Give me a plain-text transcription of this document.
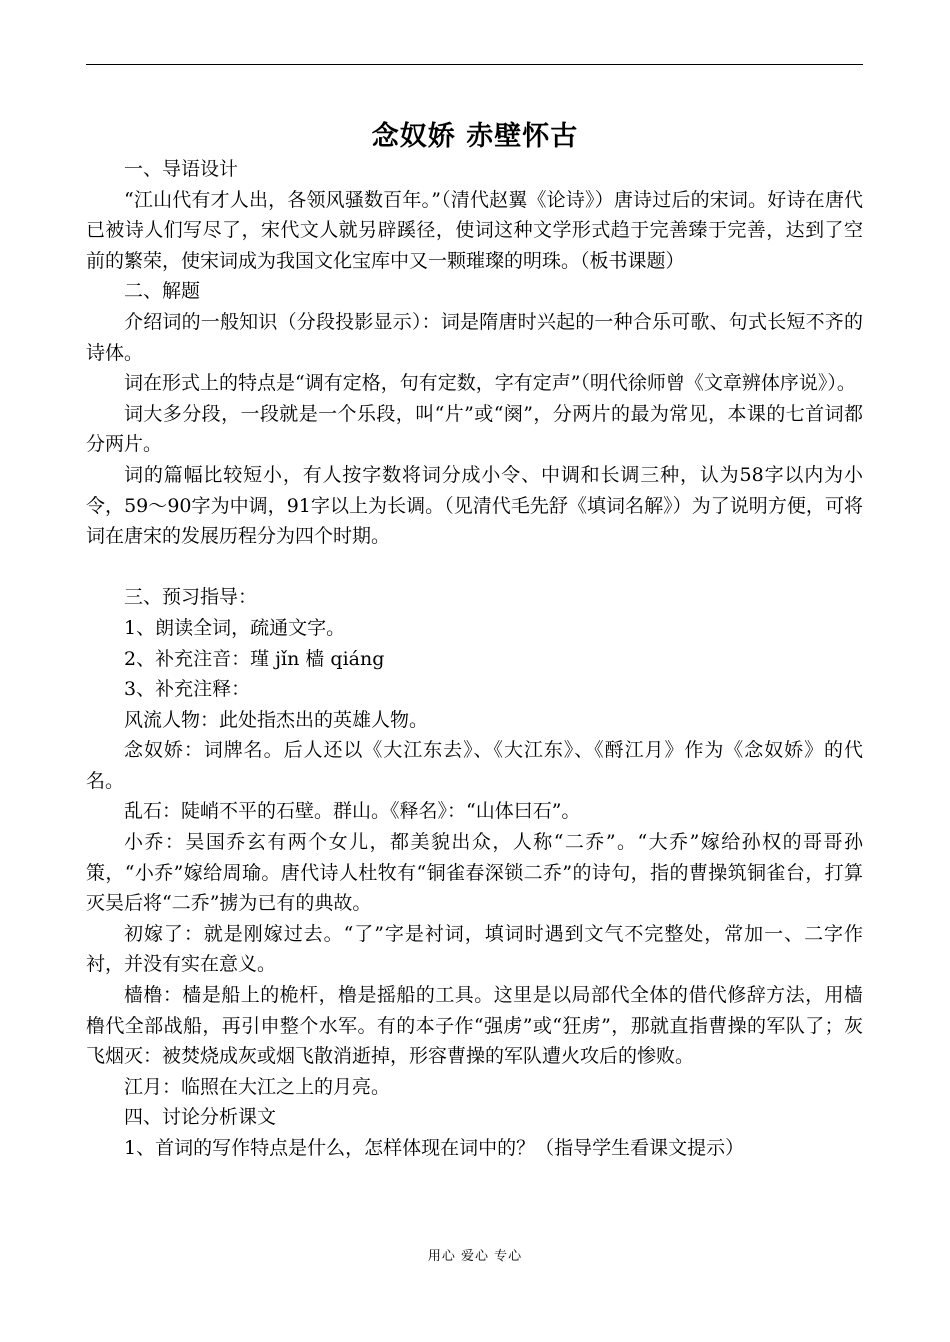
念奴娇 赤壁怀古

一、导语设计

“江山代有才人出，各领风骚数百年。”（清代赵翼《论诗》）唐诗过后的宋词。好诗在唐代已被诗人们写尽了，宋代文人就另辟蹊径，使词这种文学形式趋于完善臻于完善，达到了空前的繁荣，使宋词成为我国文化宝库中又一颗璀璨的明珠。（板书课题）

二、解题

介绍词的一般知识（分段投影显示）：词是隋唐时兴起的一种合乐可歌、句式长短不齐的诗体。

词在形式上的特点是“调有定格，句有定数，字有定声”（明代徐师曾《文章辨体序说》）。

词大多分段，一段就是一个乐段，叫“片”或“阕”，分两片的最为常见，本课的七首词都分两片。

词的篇幅比较短小，有人按字数将词分成小令、中调和长调三种，认为58字以内为小令，59～90字为中调，91字以上为长调。（见清代毛先舒《填词名解》）为了说明方便，可将词在唐宋的发展历程分为四个时期。

三、预习指导：

1、朗读全词，疏通文字。

2、补充注音：瑾 jǐn 樯 qiáng

3、补充注释：

风流人物：此处指杰出的英雄人物。

念奴娇：词牌名。后人还以《大江东去》、《大江东》、《酹江月》作为《念奴娇》的代名。

乱石：陡峭不平的石壁。群山。《释名》：“山体曰石”。

小乔：吴国乔玄有两个女儿，都美貌出众，人称“二乔”。“大乔”嫁给孙权的哥哥孙策，“小乔”嫁给周瑜。唐代诗人杜牧有“铜雀春深锁二乔”的诗句，指的曹操筑铜雀台，打算灭吴后将“二乔”掳为已有的典故。

初嫁了：就是刚嫁过去。“了”字是衬词，填词时遇到文气不完整处，常加一、二字作衬，并没有实在意义。

樯橹：樯是船上的桅杆，橹是摇船的工具。这里是以局部代全体的借代修辞方法，用樯橹代全部战船，再引申整个水军。有的本子作“强虏”或“狂虏”，那就直指曹操的军队了；灰飞烟灭：被焚烧成灰或烟飞散消逝掉，形容曹操的军队遭火攻后的惨败。

江月：临照在大江之上的月亮。

四、讨论分析课文

1、首词的写作特点是什么，怎样体现在词中的？（指导学生看课文提示）

用心 爱心 专心
